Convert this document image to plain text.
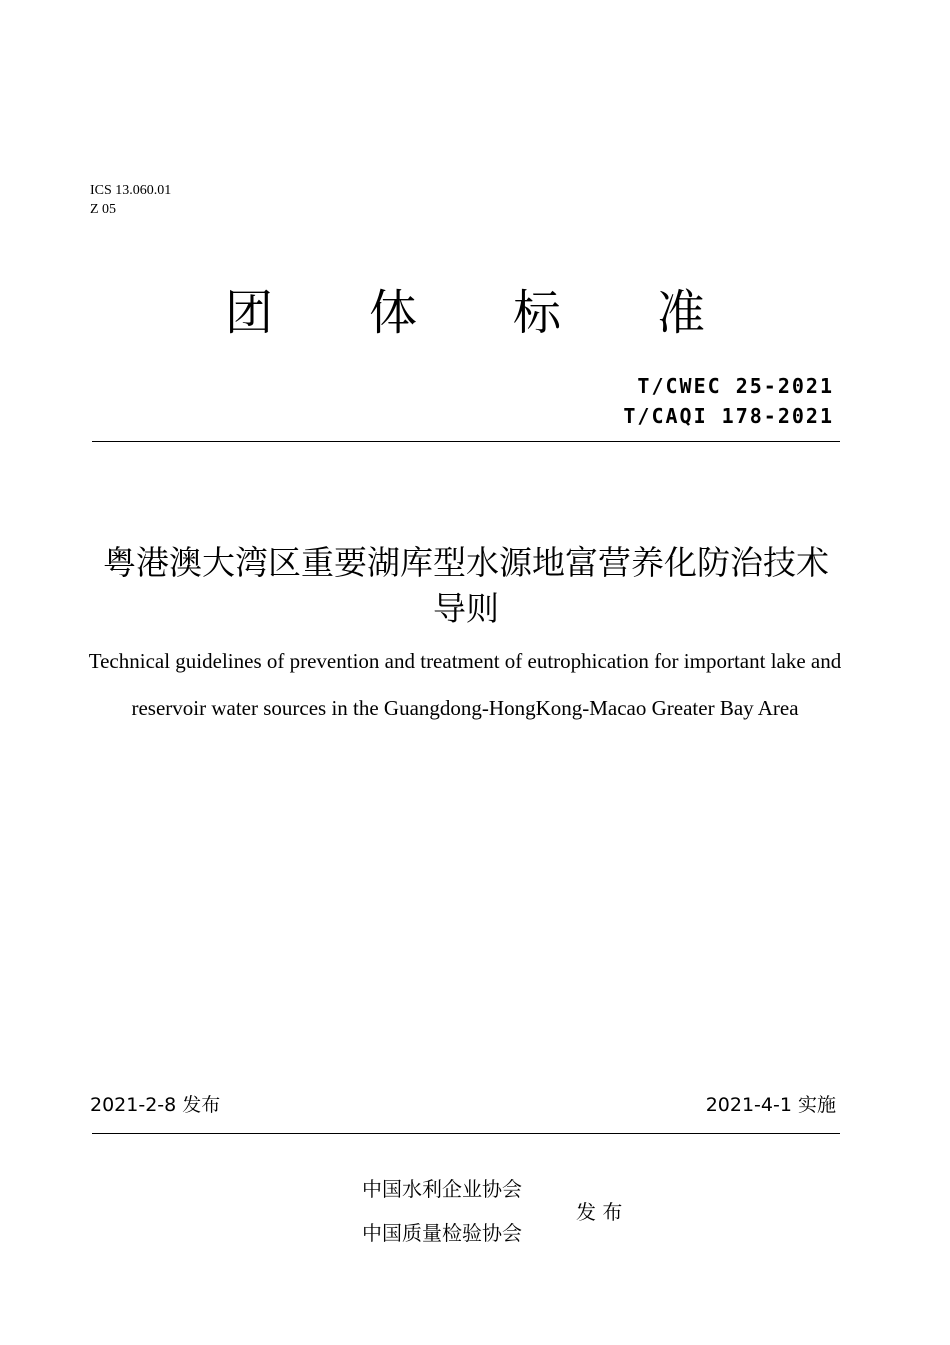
ICS 13.060.01
Z 05
团 体 标 准
T/CWEC 25-2021
T/CAQI 178-2021
粤港澳大湾区重要湖库型水源地富营养化防治技术导则
Technical guidelines of prevention and treatment of eutrophication for important lake and reservoir water sources in the Guangdong-HongKong-Macao Greater Bay Area
2021-2-8 发布	2021-4-1 实施
中国水利企业协会
中国质量检验协会
发 布
